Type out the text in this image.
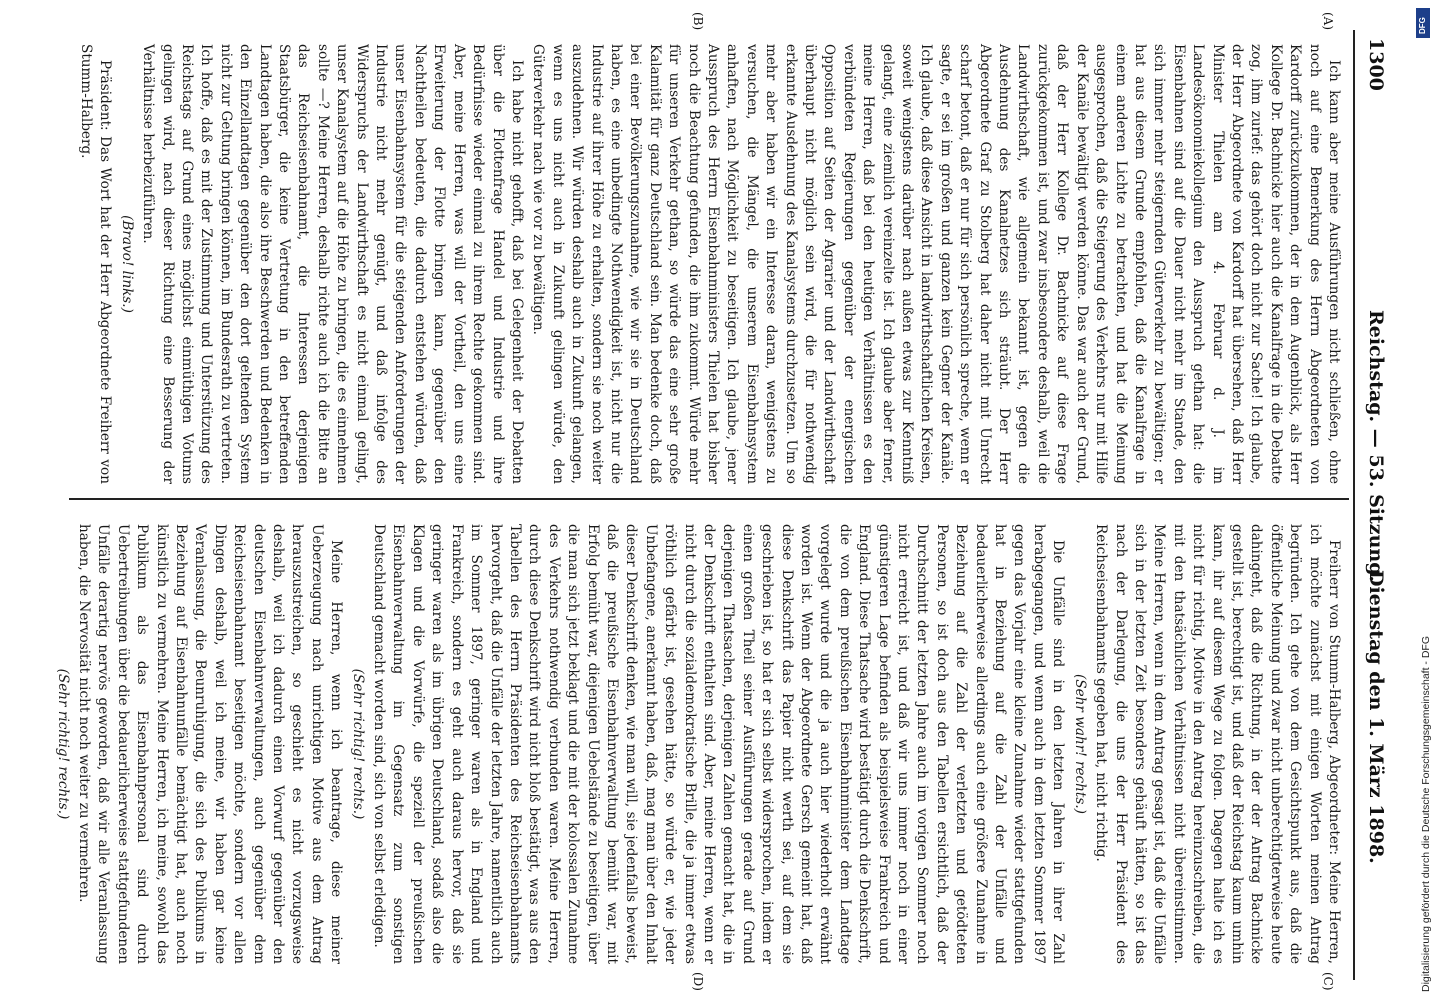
1300
Reichstag. — 53. Sitzung.
Dienstag den 1. März 1898.
(A)
(B)
(C)
(D)

Ich kann aber meine Ausführungen nicht schließen, ohne noch auf eine Bemerkung des Herrn Abgeordneten von Kardorff zurückzukommen, der in dem Augenblick, als Herr Kollege Dr. Bachnicke hier auch die Kanalfrage in die Debatte zog, ihm zurief: das gehört doch nicht zur Sache! Ich glaube, der Herr Abgeordnete von Kardorff hat übersehen, daß Herr Minister Thielen am 4. Februar d. J. im Landesökonomiekollegium den Ausspruch gethan hat: die Eisenbahnen sind auf die Dauer nicht mehr im Stande, den sich immer mehr steigernden Güterverkehr zu bewältigen; er hat aus diesem Grunde empfohlen, daß die Kanalfrage in einem anderen Lichte zu betrachten, und hat die Meinung ausgesprochen, daß die Steigerung des Verkehrs nur mit Hilfe der Kanäle bewältigt werden könne. Das war auch der Grund, daß der Herr Kollege Dr. Bachnicke auf diese Frage zurückgekommen ist, und zwar insbesondere deshalb, weil die Landwirthschaft, wie allgemein bekannt ist, gegen die Ausdehnung des Kanalnetzes sich sträubt. Der Herr Abgeordnete Graf zu Stolberg hat daher nicht mit Unrecht scharf betont, daß er nur für sich persönlich spreche, wenn er sagte, er sei im großen und ganzen kein Gegner der Kanäle. Ich glaube, daß diese Ansicht in landwirthschaftlichen Kreisen, soweit wenigstens darüber nach außen etwas zur Kenntniß gelangt, eine ziemlich vereinzelte ist. Ich glaube aber ferner, meine Herren, daß bei den heutigen Verhältnissen es den verbündeten Regierungen gegenüber der energischen Opposition auf Seiten der Agrarier und der Landwirthschaft überhaupt nicht möglich sein wird, die für nothwendig erkannte Ausdehnung des Kanalsystems durchzusetzen. Um so mehr aber haben wir ein Interesse daran, wenigstens zu versuchen, die Mängel, die unserem Eisenbahnsystem anhaften, nach Möglichkeit zu beseitigen. Ich glaube, jener Ausspruch des Herrn Eisenbahnministers Thielen hat bisher noch die Beachtung gefunden, die ihm zukommt. Würde mehr für unseren Verkehr gethan, so würde das eine sehr große Kalamität für ganz Deutschland sein. Man bedenke doch, daß bei einer Bevölkerungszunahme, wie wir sie in Deutschland haben, es eine unbedingte Nothwendigkeit ist, nicht nur die Industrie auf ihrer Höhe zu erhalten, sondern sie noch weiter auszudehnen. Wir würden deshalb auch in Zukunft gelangen, wenn es uns nicht auch in Zukunft gelingen würde, den Güterverkehr nach wie vor zu bewältigen.

Ich habe nicht gehofft, daß bei Gelegenheit der Debatten über die Flottenfrage Handel und Industrie und ihre Bedürfnisse wieder einmal zu ihrem Rechte gekommen sind. Aber, meine Herren, was will der Vortheil, den uns eine Erweiterung der Flotte bringen kann, gegenüber den Nachtheilen bedeuten, die dadurch entstehen würden, daß unser Eisenbahnsystem für die steigenden Anforderungen der Industrie nicht mehr genügt, und daß infolge des Widerspruchs der Landwirthschaft es nicht einmal gelingt, unser Kanalsystem auf die Höhe zu bringen, die es einnehmen sollte —? Meine Herren, deshalb richte auch ich die Bitte an das Reichseisenbahnamt, die Interessen derjenigen Staatsbürger, die keine Vertretung in den betreffenden Landtagen haben, die also ihre Beschwerden und Bedenken in den Einzellandtagen gegenüber den dort geltenden System nicht zur Geltung bringen können, im Bundesrath zu vertreten. Ich hoffe, daß es mit der Zustimmung und Unterstützung des Reichstags auf Grund eines möglichst einmüthigen Votums gelingen wird, nach dieser Richtung eine Besserung der Verhältnisse herbeizuführen.

(Bravo! links.)

Präsident: Das Wort hat der Herr Abgeordnete Freiherr von Stumm-Halberg.

Freiherr von Stumm-Halberg, Abgeordneter: Meine Herren, ich möchte zunächst mit einigen Worten meinen Antrag begründen. Ich gehe von dem Gesichtspunkt aus, daß die öffentliche Meinung und zwar nicht unberechtigterweise heute dahingeht, daß die Richtung, in der der Antrag Bachnicke gestellt ist, berechtigt ist, und daß der Reichstag kaum umhin kann, ihr auf diesem Wege zu folgen. Dagegen halte ich es nicht für richtig, Motive in den Antrag hereinzuschreiben, die mit den thatsächlichen Verhältnissen nicht übereinstimmen. Meine Herren, wenn in dem Antrag gesagt ist, daß die Unfälle sich in der letzten Zeit besonders gehäuft hätten, so ist das nach der Darlegung, die uns der Herr Präsident des Reichseisenbahnamts gegeben hat, nicht richtig.

(Sehr wahr! rechts.)

Die Unfälle sind in den letzten Jahren in ihrer Zahl herabgegangen, und wenn auch in dem letzten Sommer 1897 gegen das Vorjahr eine kleine Zunahme wieder stattgefunden hat in Beziehung auf die Zahl der Unfälle und bedauerlicherweise allerdings auch eine größere Zunahme in Beziehung auf die Zahl der verletzten und getödteten Personen, so ist doch aus den Tabellen ersichtlich, daß der Durchschnitt der letzten Jahre auch im vorigen Sommer noch nicht erreicht ist, und daß wir uns immer noch in einer günstigeren Lage befinden als beispielsweise Frankreich und England. Diese Thatsache wird bestätigt durch die Denkschrift, die von dem preußischen Eisenbahnminister dem Landtage vorgelegt wurde und die ja auch hier wiederholt erwähnt worden ist. Wenn der Abgeordnete Gersch gemeint hat, daß diese Denkschrift das Papier nicht werth sei, auf dem sie geschrieben ist, so hat er sich selbst widersprochen, indem er einen großen Theil seiner Ausführungen gerade auf Grund derjenigen Thatsachen, derjenigen Zahlen gemacht hat, die in der Denkschrift enthalten sind. Aber, meine Herren, wenn er nicht durch die sozialdemokratische Brille, die ja immer etwas röthlich gefärbt ist, gesehen hätte, so würde er, wie jeder Unbefangene, anerkannt haben, daß, mag man über den Inhalt dieser Denkschrift denken, wie man will, sie jedenfalls beweist, daß die preußische Eisenbahnverwaltung bemüht war, mit Erfolg bemüht war, diejenigen Uebelstände zu beseitigen, über die man sich jetzt beklagt und die mit der kolossalen Zunahme des Verkehrs nothwendig verbunden waren. Meine Herren, durch diese Denkschrift wird nicht bloß bestätigt, was aus den Tabellen des Herrn Präsidenten des Reichseisenbahnamts hervorgeht, daß die Unfälle der letzten Jahre, namentlich auch im Sommer 1897, geringer waren als in England und Frankreich, sondern es geht auch daraus hervor, daß sie geringer waren als im übrigen Deutschland, sodaß also die Klagen und die Vorwürfe, die speziell der preußischen Eisenbahnverwaltung im Gegensatz zum sonstigen Deutschland gemacht worden sind, sich von selbst erledigen.

(Sehr richtig! rechts.)

Meine Herren, wenn ich beantrage, diese meiner Ueberzeugung nach unrichtigen Motive aus dem Antrag herauszustreichen, so geschieht es nicht vorzugsweise deshalb, weil ich dadurch einen Vorwurf gegenüber den deutschen Eisenbahnverwaltungen, auch gegenüber dem Reichseisenbahnamt beseitigen möchte, sondern vor allen Dingen deshalb, weil ich meine, wir haben gar keine Veranlassung, die Beunruhigung, die sich des Publikums in Beziehung auf Eisenbahnunfälle bemächtigt hat, auch noch künstlich zu vermehren. Meine Herren, ich meine, sowohl das Publikum als das Eisenbahnpersonal sind durch Uebertreibungen über die bedauerlicherweise stattgefundenen Unfälle derartig nervös geworden, daß wir alle Veranlassung haben, die Nervosität nicht noch weiter zu vermehren.

(Sehr richtig! rechts.)	Digitalisierung gefördert durch die Deutsche Forschungsgemeinschaft - DFG
DFG
